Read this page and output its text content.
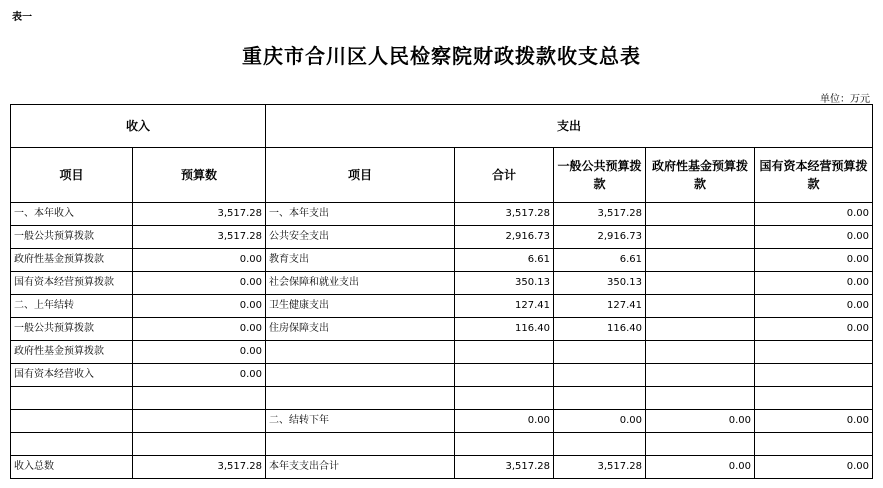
表一
重庆市合川区人民检察院财政拨款收支总表
单位：万元
收入		支出				
项目	预算数	项目	合计	一般公共预算拨款	政府性基金预算拨款	国有资本经营预算拨款
一、本年收入	3,517.28	一、本年支出	3,517.28	3,517.28		0.00
一般公共预算拨款	3,517.28	公共安全支出	2,916.73	2,916.73		0.00
政府性基金预算拨款	0.00	教育支出	6.61	6.61		0.00
国有资本经营预算拨款	0.00	社会保障和就业支出	350.13	350.13		0.00
二、上年结转	0.00	卫生健康支出	127.41	127.41		0.00
一般公共预算拨款	0.00	住房保障支出	116.40	116.40		0.00
政府性基金预算拨款	0.00					
国有资本经营收入	0.00					

		二、结转下年	0.00	0.00	0.00	0.00

收入总数	3,517.28	本年支支出合计	3,517.28	3,517.28	0.00	0.00
